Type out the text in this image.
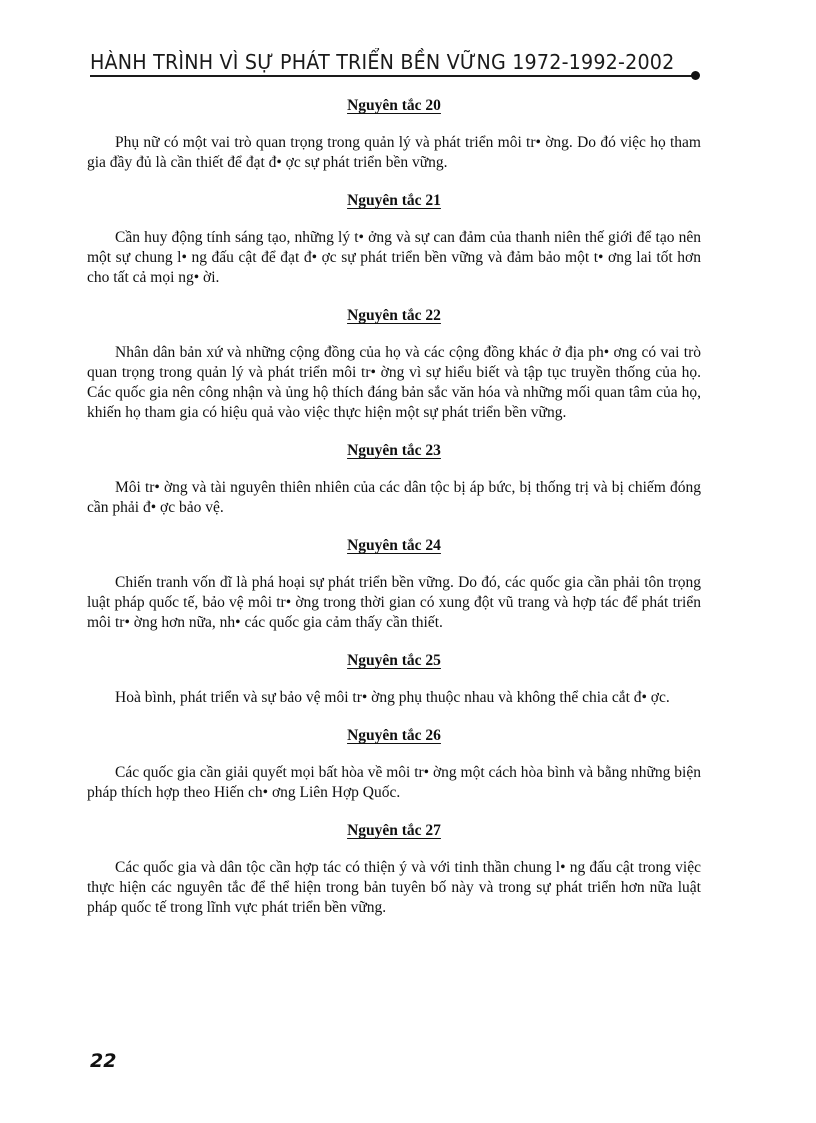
HÀNH TRÌNH VÌ SỰ PHÁT TRIỂN BỀN VỮNG 1972-1992-2002
Nguyên tắc 20

Phụ nữ có một vai trò quan trọng trong quản lý và phát triển môi tr• ờng. Do đó việc họ tham gia đầy đủ là cần thiết để đạt đ• ợc sự phát triển bền vững.

Nguyên tắc 21

Cần huy động tính sáng tạo, những lý t• ởng và sự can đảm của thanh niên thế giới để tạo nên một sự chung l• ng đấu cật để đạt đ• ợc sự phát triển bền vững và đảm bảo một t• ơng lai tốt hơn cho tất cả mọi ng• ời.

Nguyên tắc 22

Nhân dân bản xứ và những cộng đồng của họ và các cộng đồng khác ở địa ph• ơng có vai trò quan trọng trong quản lý và phát triển môi tr• ờng vì sự hiểu biết và tập tục truyền thống của họ. Các quốc gia nên công nhận và ủng hộ thích đáng bản sắc văn hóa và những mối quan tâm của họ, khiến họ tham gia có hiệu quả vào việc thực hiện một sự phát triển bền vững.

Nguyên tắc 23

Môi tr• ờng và tài nguyên thiên nhiên của các dân tộc bị áp bức, bị thống trị và bị chiếm đóng cần phải đ• ợc bảo vệ.

Nguyên tắc 24

Chiến tranh vốn dĩ là phá hoại sự phát triển bền vững. Do đó, các quốc gia cần phải tôn trọng luật pháp quốc tế, bảo vệ môi tr• ờng trong thời gian có xung đột vũ trang và hợp tác để phát triển môi tr• ờng hơn nữa, nh• các quốc gia cảm thấy cần thiết.

Nguyên tắc 25

Hoà bình, phát triển và sự bảo vệ môi tr• ờng phụ thuộc nhau và không thể chia cắt đ• ợc.

Nguyên tắc 26

Các quốc gia cần giải quyết mọi bất hòa về môi tr• ờng một cách hòa bình và bằng những biện pháp thích hợp theo Hiến ch• ơng Liên Hợp Quốc.

Nguyên tắc 27

Các quốc gia và dân tộc cần hợp tác có thiện ý và với tinh thần chung l• ng đấu cật trong việc thực hiện các nguyên tắc để thể hiện trong bản tuyên bố này và trong sự phát triển hơn nữa luật pháp quốc tế trong lĩnh vực phát triển bền vững.

22
